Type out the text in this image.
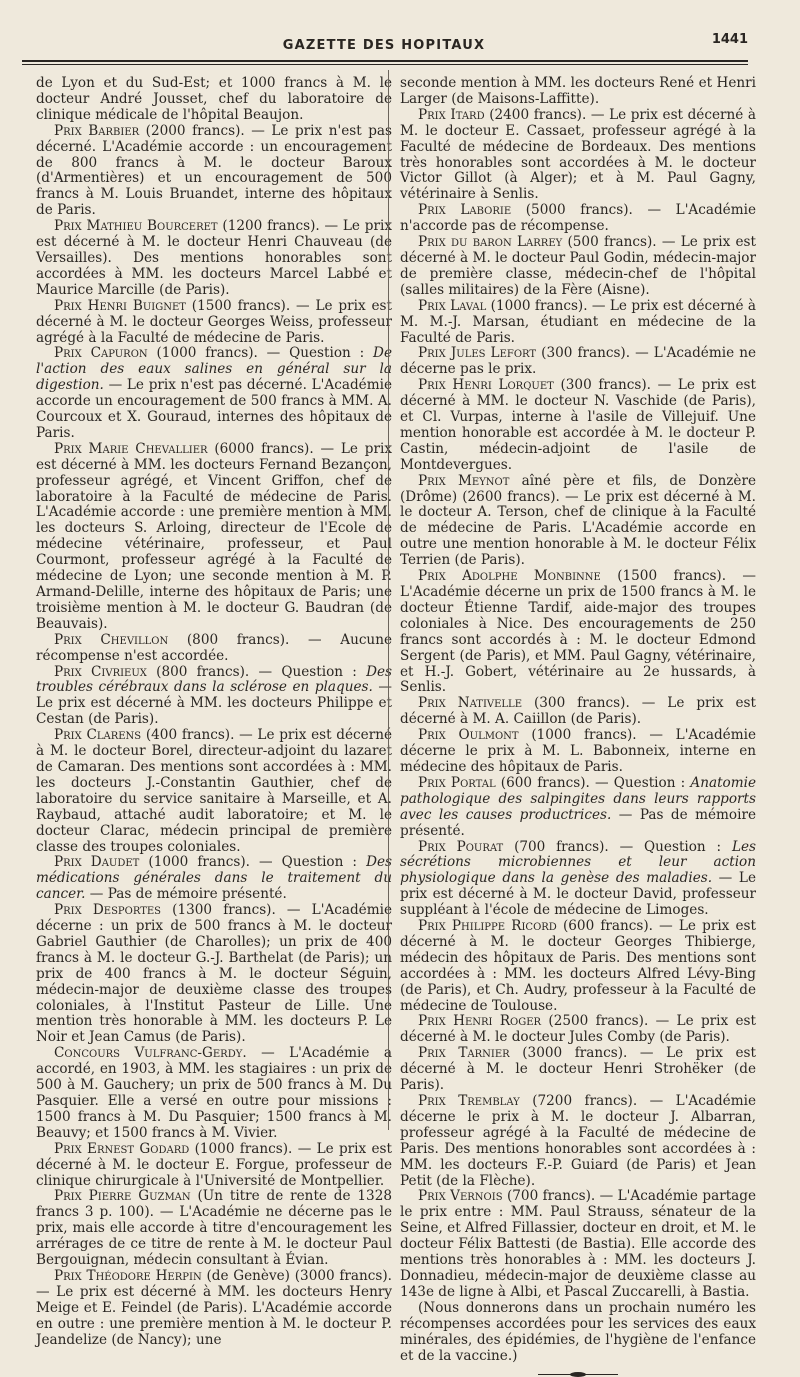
GAZETTE DES HOPITAUX	1441

de Lyon et du Sud-Est; et 1000 francs à M. le docteur André Jousset, chef du laboratoire de clinique médicale de l'hôpital Beaujon.

Prix Barbier (2000 francs). — Le prix n'est pas décerné. L'Académie accorde : un encouragement de 800 francs à M. le docteur Baroux (d'Armentières) et un encouragement de 500 francs à M. Louis Bruandet, interne des hôpitaux de Paris.

Prix Mathieu Bourceret (1200 francs). — Le prix est décerné à M. le docteur Henri Chauveau (de Versailles). Des mentions honorables sont accordées à MM. les docteurs Marcel Labbé et Maurice Marcille (de Paris).

Prix Henri Buignet (1500 francs). — Le prix est décerné à M. le docteur Georges Weiss, professeur agrégé à la Faculté de médecine de Paris.

Prix Capuron (1000 francs). — Question : De l'action des eaux salines en général sur la digestion. — Le prix n'est pas décerné. L'Académie accorde un encouragement de 500 francs à MM. A. Courcoux et X. Gouraud, internes des hôpitaux de Paris.

Prix Marie Chevallier (6000 francs). — Le prix est décerné à MM. les docteurs Fernand Bezançon, professeur agrégé, et Vincent Griffon, chef de laboratoire à la Faculté de médecine de Paris. L'Académie accorde : une première mention à MM. les docteurs S. Arloing, directeur de l'Ecole de médecine vétérinaire, professeur, et Paul Courmont, professeur agrégé à la Faculté de médecine de Lyon; une seconde mention à M. P. Armand-Delille, interne des hôpitaux de Paris; une troisième mention à M. le docteur G. Baudran (de Beauvais).

Prix Chevillon (800 francs). — Aucune récompense n'est accordée.

Prix Civrieux (800 francs). — Question : Des troubles cérébraux dans la sclérose en plaques. — Le prix est décerné à MM. les docteurs Philippe et Cestan (de Paris).

Prix Clarens (400 francs). — Le prix est décerné à M. le docteur Borel, directeur-adjoint du lazaret de Camaran. Des mentions sont accordées à : MM. les docteurs J.-Constantin Gauthier, chef de laboratoire du service sanitaire à Marseille, et A. Raybaud, attaché audit laboratoire; et M. le docteur Clarac, médecin principal de première classe des troupes coloniales.

Prix Daudet (1000 francs). — Question : Des médications générales dans le traitement du cancer. — Pas de mémoire présenté.

Prix Desportes (1300 francs). — L'Académie décerne : un prix de 500 francs à M. le docteur Gabriel Gauthier (de Charolles); un prix de 400 francs à M. le docteur G.-J. Barthelat (de Paris); un prix de 400 francs à M. le docteur Séguin, médecin-major de deuxième classe des troupes coloniales, à l'Institut Pasteur de Lille. Une mention très honorable à MM. les docteurs P. Le Noir et Jean Camus (de Paris).

Concours Vulfranc-Gerdy. — L'Académie a accordé, en 1903, à MM. les stagiaires : un prix de 500 à M. Gauchery; un prix de 500 francs à M. Du Pasquier. Elle a versé en outre pour missions : 1500 francs à M. Du Pasquier; 1500 francs à M. Beauvy; et 1500 francs à M. Vivier.

Prix Ernest Godard (1000 francs). — Le prix est décerné à M. le docteur E. Forgue, professeur de clinique chirurgicale à l'Université de Montpellier.

Prix Pierre Guzman (Un titre de rente de 1328 francs 3 p. 100). — L'Académie ne décerne pas le prix, mais elle accorde à titre d'encouragement les arrérages de ce titre de rente à M. le docteur Paul Bergouignan, médecin consultant à Évian.

Prix Théodore Herpin (de Genève) (3000 francs). — Le prix est décerné à MM. les docteurs Henry Meige et E. Feindel (de Paris). L'Académie accorde en outre : une première mention à M. le docteur P. Jeandelize (de Nancy); une

seconde mention à MM. les docteurs René et Henri Larger (de Maisons-Laffitte).

Prix Itard (2400 francs). — Le prix est décerné à M. le docteur E. Cassaet, professeur agrégé à la Faculté de médecine de Bordeaux. Des mentions très honorables sont accordées à M. le docteur Victor Gillot (à Alger); et à M. Paul Gagny, vétérinaire à Senlis.

Prix Laborie (5000 francs). — L'Académie n'accorde pas de récompense.

Prix du baron Larrey (500 francs). — Le prix est décerné à M. le docteur Paul Godin, médecin-major de première classe, médecin-chef de l'hôpital (salles militaires) de la Fère (Aisne).

Prix Laval (1000 francs). — Le prix est décerné à M. M.-J. Marsan, étudiant en médecine de la Faculté de Paris.

Prix Jules Lefort (300 francs). — L'Académie ne décerne pas le prix.

Prix Henri Lorquet (300 francs). — Le prix est décerné à MM. le docteur N. Vaschide (de Paris), et Cl. Vurpas, interne à l'asile de Villejuif. Une mention honorable est accordée à M. le docteur P. Castin, médecin-adjoint de l'asile de Montdevergues.

Prix Meynot aîné père et fils, de Donzère (Drôme) (2600 francs). — Le prix est décerné à M. le docteur A. Terson, chef de clinique à la Faculté de médecine de Paris. L'Académie accorde en outre une mention honorable à M. le docteur Félix Terrien (de Paris).

Prix Adolphe Monbinne (1500 francs). — L'Académie décerne un prix de 1500 francs à M. le docteur Étienne Tardif, aide-major des troupes coloniales à Nice. Des encouragements de 250 francs sont accordés à : M. le docteur Edmond Sergent (de Paris), et MM. Paul Gagny, vétérinaire, et H.-J. Gobert, vétérinaire au 2e hussards, à Senlis.

Prix Nativelle (300 francs). — Le prix est décerné à M. A. Caiillon (de Paris).

Prix Oulmont (1000 francs). — L'Académie décerne le prix à M. L. Babonneix, interne en médecine des hôpitaux de Paris.

Prix Portal (600 francs). — Question : Anatomie pathologique des salpingites dans leurs rapports avec les causes productrices. — Pas de mémoire présenté.

Prix Pourat (700 francs). — Question : Les sécrétions microbiennes et leur action physiologique dans la genèse des maladies. — Le prix est décerné à M. le docteur David, professeur suppléant à l'école de médecine de Limoges.

Prix Philippe Ricord (600 francs). — Le prix est décerné à M. le docteur Georges Thibierge, médecin des hôpitaux de Paris. Des mentions sont accordées à : MM. les docteurs Alfred Lévy-Bing (de Paris), et Ch. Audry, professeur à la Faculté de médecine de Toulouse.

Prix Henri Roger (2500 francs). — Le prix est décerné à M. le docteur Jules Comby (de Paris).

Prix Tarnier (3000 francs). — Le prix est décerné à M. le docteur Henri Strohëker (de Paris).

Prix Tremblay (7200 francs). — L'Académie décerne le prix à M. le docteur J. Albarran, professeur agrégé à la Faculté de médecine de Paris. Des mentions honorables sont accordées à : MM. les docteurs F.-P. Guiard (de Paris) et Jean Petit (de la Flèche).

Prix Vernois (700 francs). — L'Académie partage le prix entre : MM. Paul Strauss, sénateur de la Seine, et Alfred Fillassier, docteur en droit, et M. le docteur Félix Battesti (de Bastia). Elle accorde des mentions très honorables à : MM. les docteurs J. Donnadieu, médecin-major de deuxième classe au 143e de ligne à Albi, et Pascal Zuccarelli, à Bastia.

(Nous donnerons dans un prochain numéro les récompenses accordées pour les services des eaux minérales, des épidémies, de l'hygiène de l'enfance et de la vaccine.)
